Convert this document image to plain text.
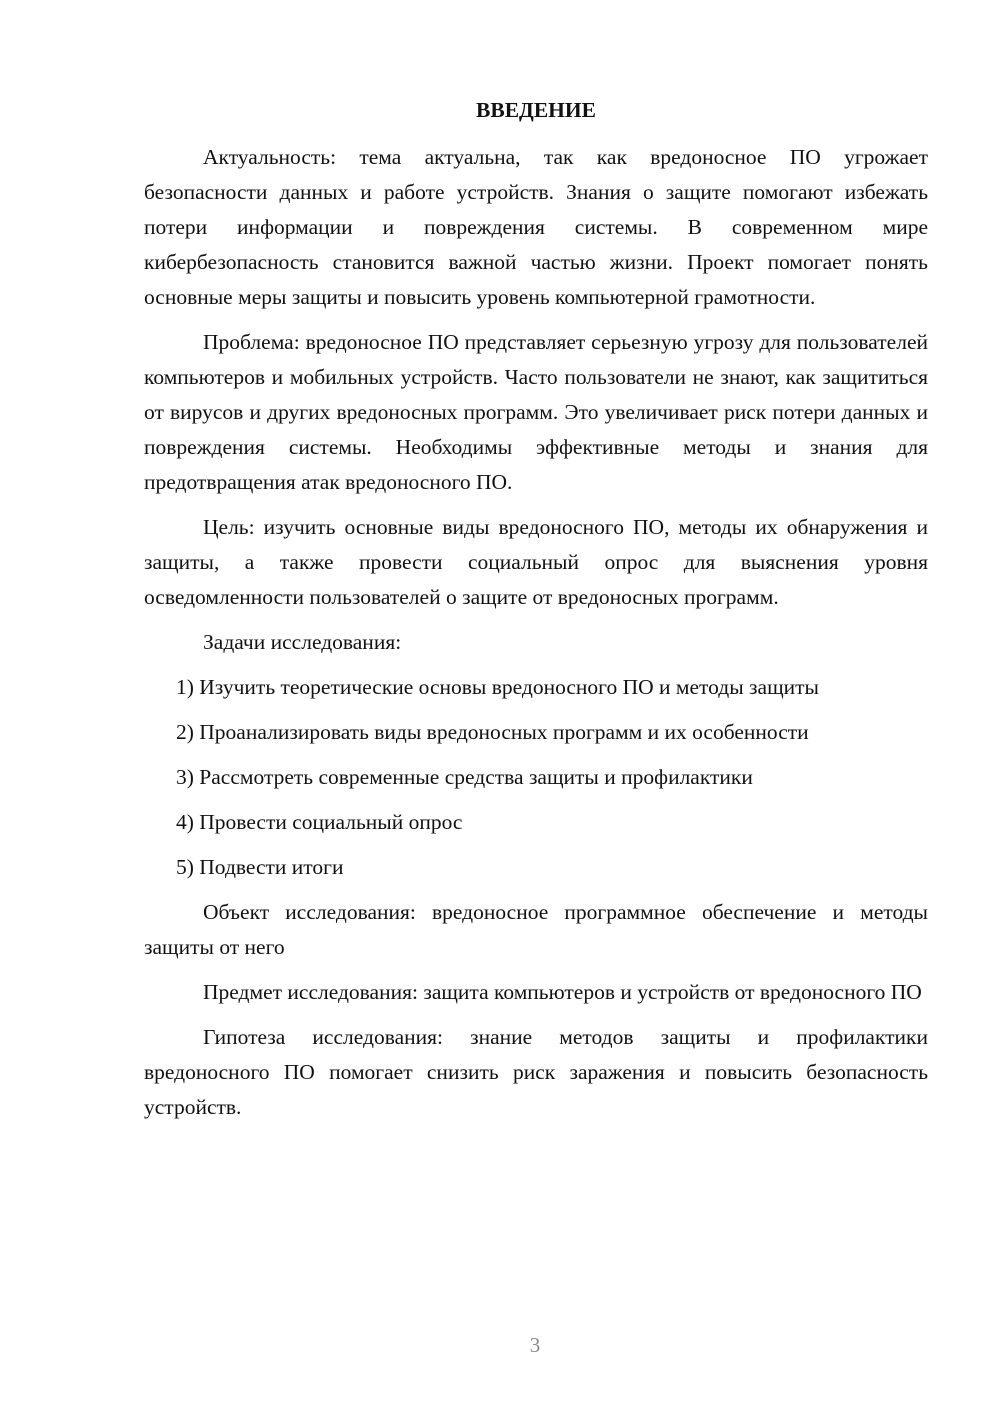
ВВЕДЕНИЕ

Актуальность: тема актуальна, так как вредоносное ПО угрожает безопасности данных и работе устройств. Знания о защите помогают избежать потери информации и повреждения системы. В современном мире кибербезопасность становится важной частью жизни. Проект помогает понять основные меры защиты и повысить уровень компьютерной грамотности.

Проблема: вредоносное ПО представляет серьезную угрозу для пользователей компьютеров и мобильных устройств. Часто пользователи не знают, как защититься от вирусов и других вредоносных программ. Это увеличивает риск потери данных и повреждения системы. Необходимы эффективные методы и знания для предотвращения атак вредоносного ПО.

Цель: изучить основные виды вредоносного ПО, методы их обнаружения и защиты, а также провести социальный опрос для выяснения уровня осведомленности пользователей о защите от вредоносных программ.

Задачи исследования:

1) Изучить теоретические основы вредоносного ПО и методы защиты
2) Проанализировать виды вредоносных программ и их особенности
3) Рассмотреть современные средства защиты и профилактики
4) Провести социальный опрос
5) Подвести итоги

Объект исследования: вредоносное программное обеспечение и методы защиты от него

Предмет исследования: защита компьютеров и устройств от вредоносного ПО

Гипотеза исследования: знание методов защиты и профилактики вредоносного ПО помогает снизить риск заражения и повысить безопасность устройств.

3
